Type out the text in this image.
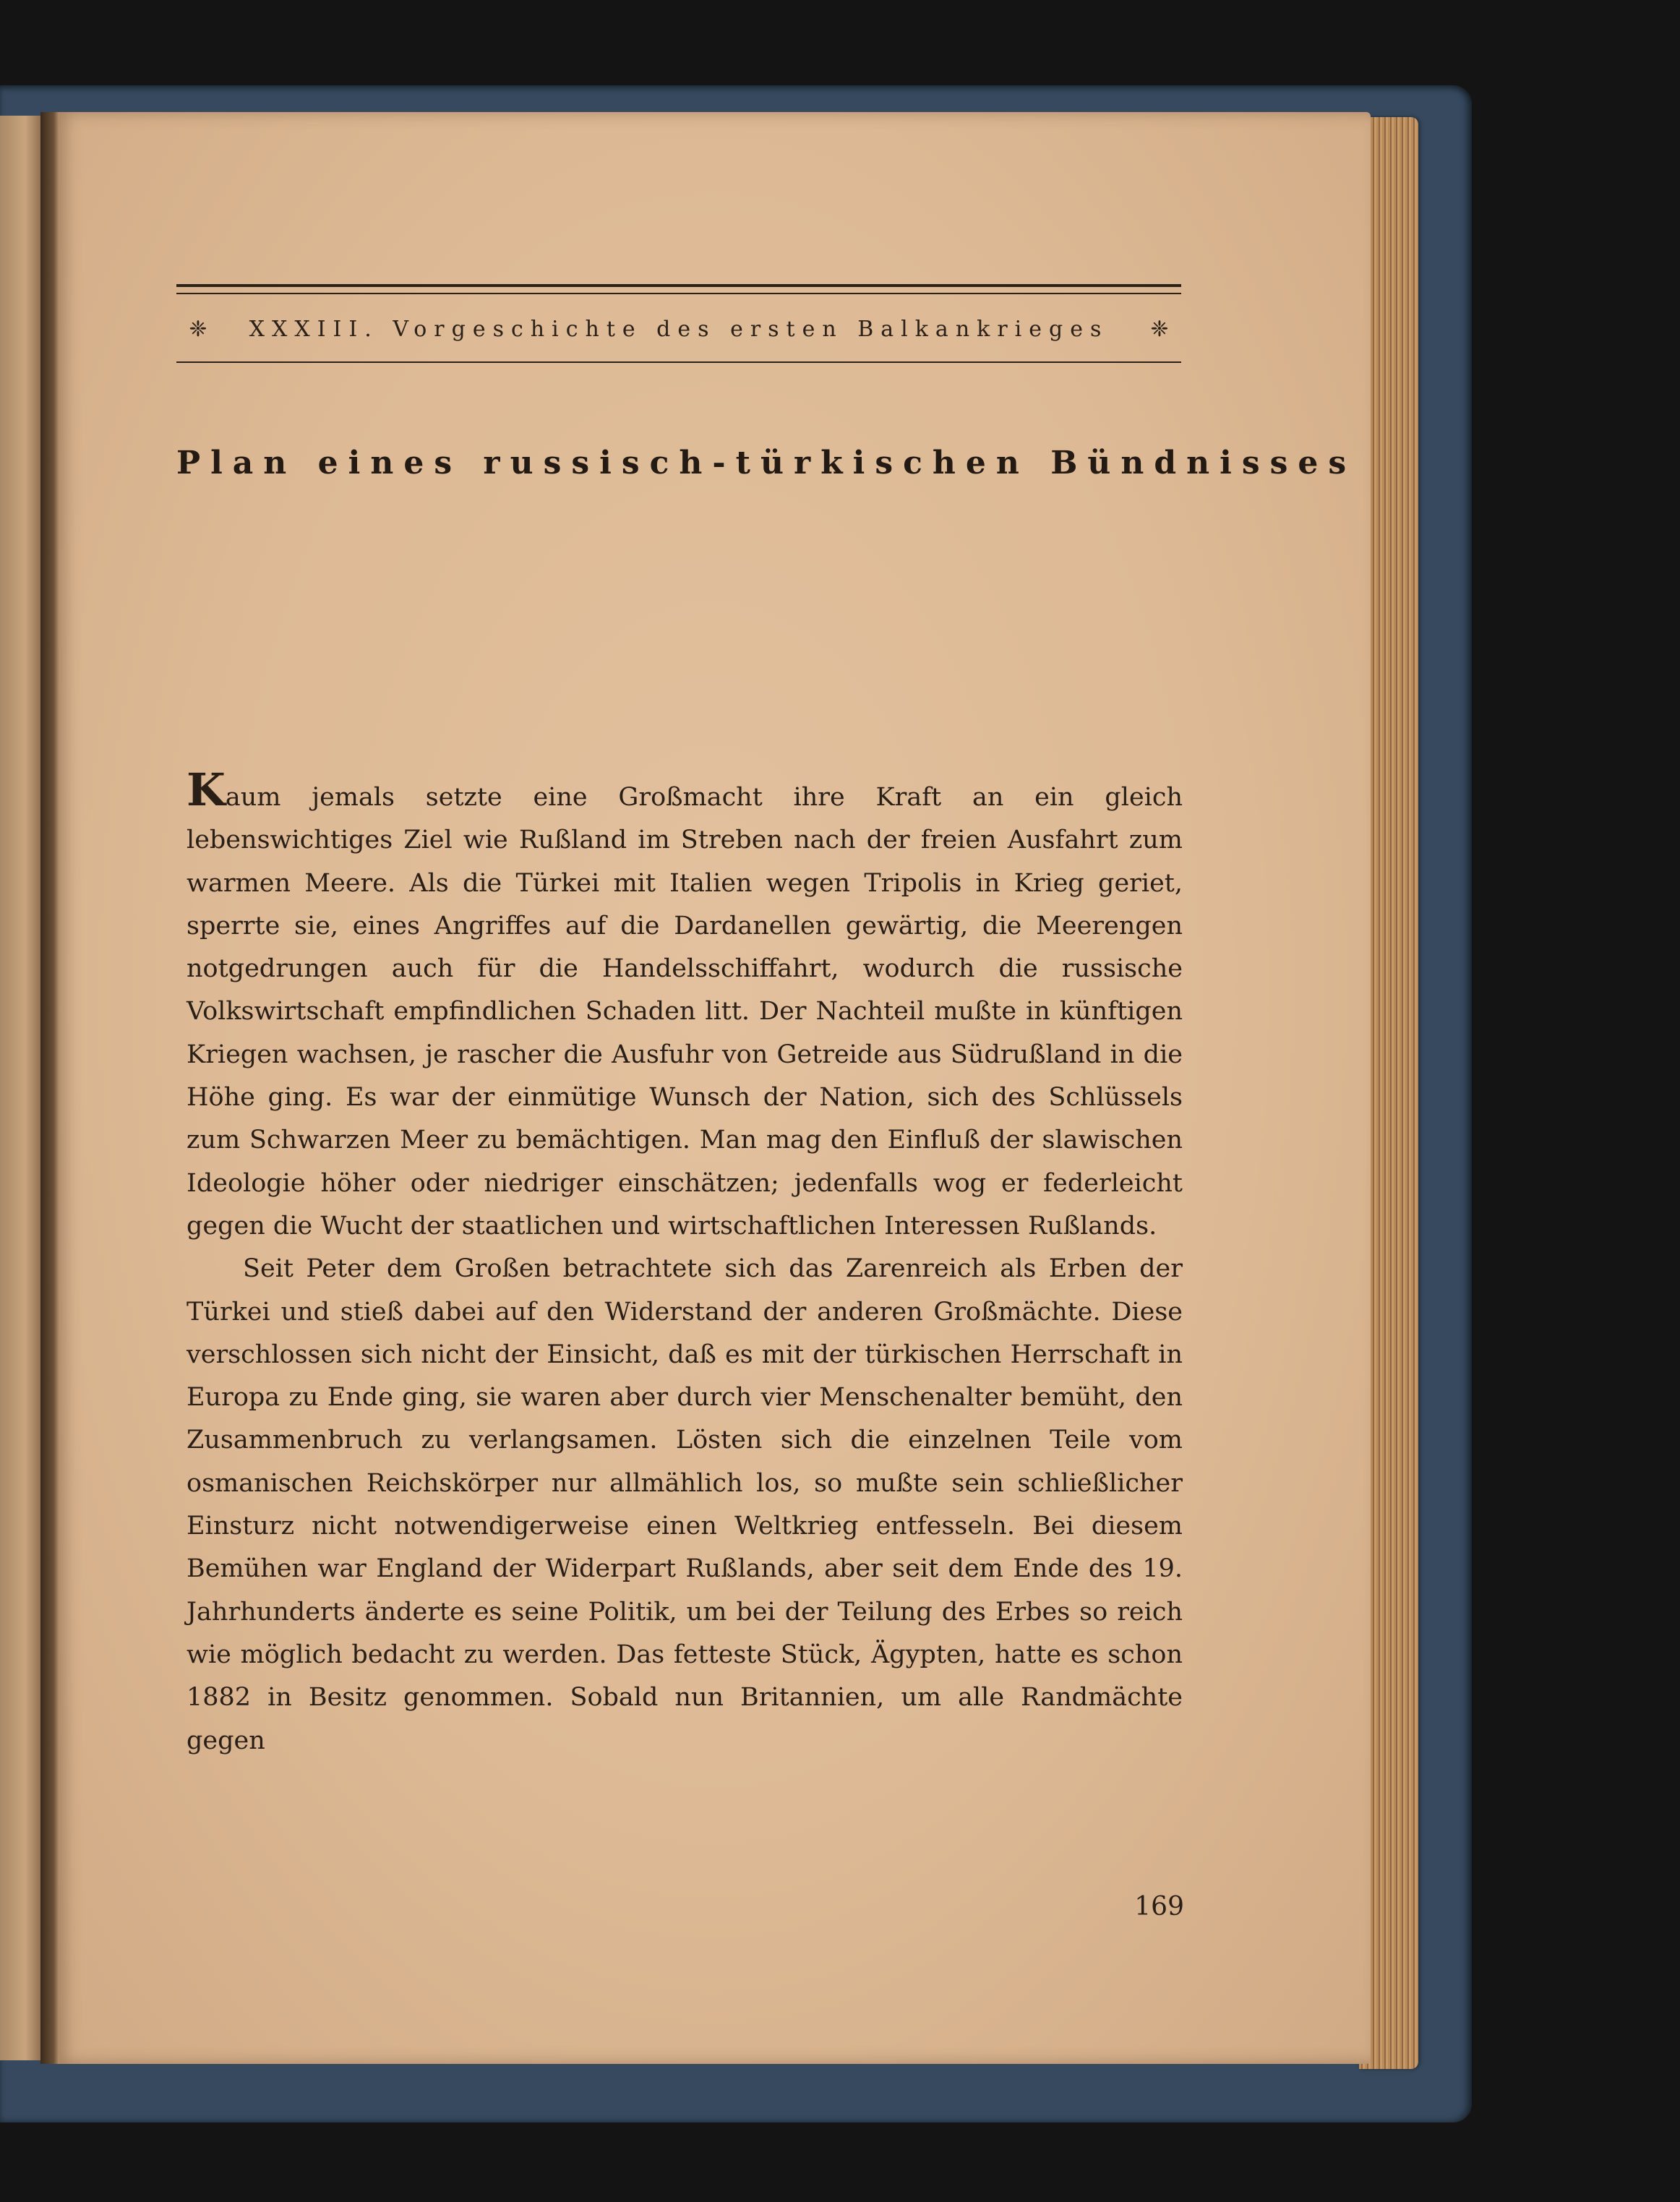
❈	XXXIII. Vorgeschichte des ersten Balkankrieges	❈
Plan eines russisch-türkischen Bündnisses

Kaum jemals setzte eine Großmacht ihre Kraft an ein gleich lebenswichtiges Ziel wie Rußland im Streben nach der freien Ausfahrt zum warmen Meere. Als die Türkei mit Italien wegen Tripolis in Krieg geriet, sperrte sie, eines Angriffes auf die Dardanellen gewärtig, die Meerengen notgedrungen auch für die Handelsschiffahrt, wodurch die russische Volkswirtschaft empfindlichen Schaden litt. Der Nachteil mußte in künftigen Kriegen wachsen, je rascher die Ausfuhr von Getreide aus Südrußland in die Höhe ging. Es war der einmütige Wunsch der Nation, sich des Schlüssels zum Schwarzen Meer zu bemächtigen. Man mag den Einfluß der slawischen Ideologie höher oder niedriger einschätzen; jedenfalls wog er federleicht gegen die Wucht der staatlichen und wirtschaftlichen Interessen Rußlands.

Seit Peter dem Großen betrachtete sich das Zarenreich als Erben der Türkei und stieß dabei auf den Widerstand der anderen Großmächte. Diese verschlossen sich nicht der Einsicht, daß es mit der türkischen Herrschaft in Europa zu Ende ging, sie waren aber durch vier Menschenalter bemüht, den Zusammenbruch zu verlangsamen. Lösten sich die einzelnen Teile vom osmanischen Reichskörper nur allmählich los, so mußte sein schließlicher Einsturz nicht notwendigerweise einen Weltkrieg entfesseln. Bei diesem Bemühen war England der Widerpart Rußlands, aber seit dem Ende des 19. Jahrhunderts änderte es seine Politik, um bei der Teilung des Erbes so reich wie möglich bedacht zu werden. Das fetteste Stück, Ägypten, hatte es schon 1882 in Besitz genommen. Sobald nun Britannien, um alle Randmächte gegen

169
